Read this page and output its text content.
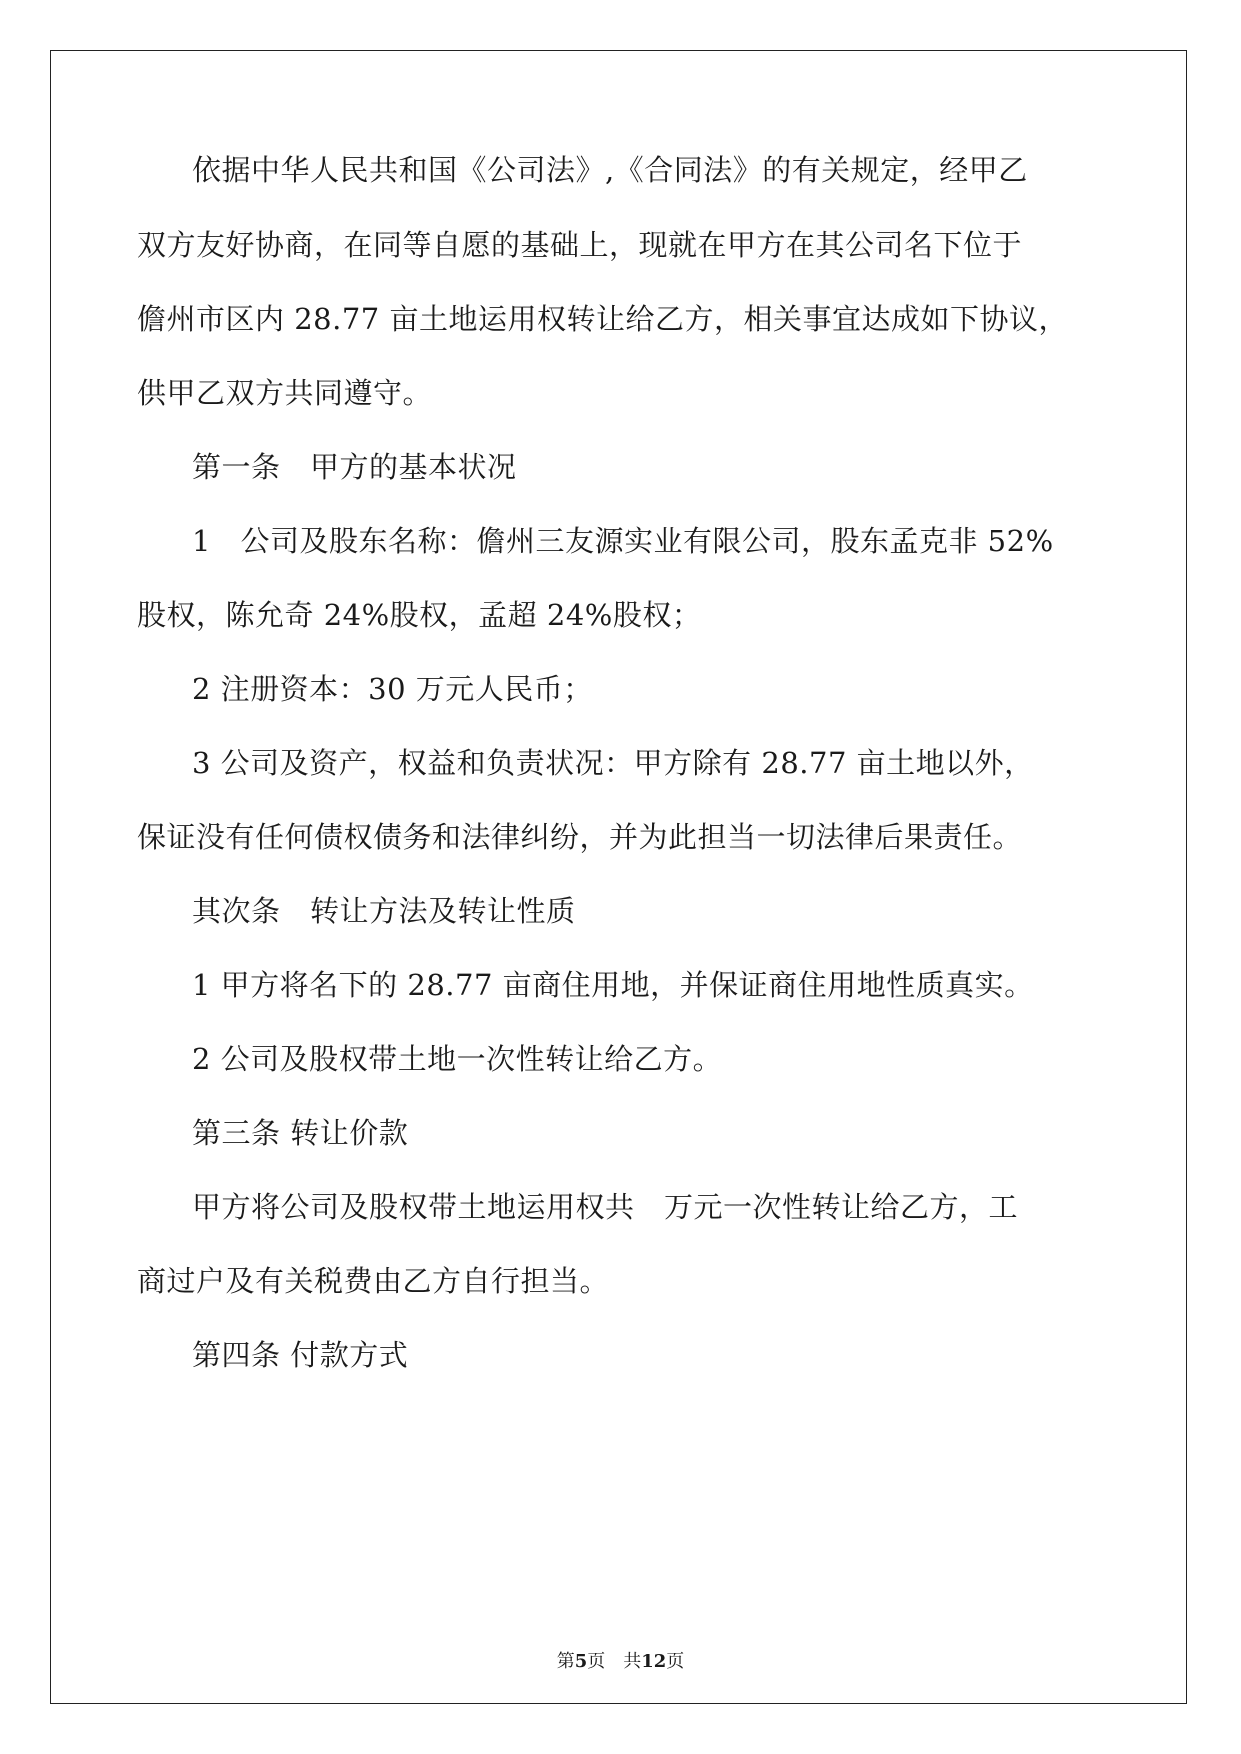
依据中华人民共和国《公司法》,《合同法》的有关规定，经甲乙
双方友好协商，在同等自愿的基础上，现就在甲方在其公司名下位于
儋州市区内 28.77 亩土地运用权转让给乙方，相关事宜达成如下协议，
供甲乙双方共同遵守。
第一条　甲方的基本状况
1　公司及股东名称：儋州三友源实业有限公司，股东孟克非 52%
股权，陈允奇 24%股权，孟超 24%股权；
2 注册资本：30 万元人民币；
3 公司及资产，权益和负责状况：甲方除有 28.77 亩土地以外，
保证没有任何债权债务和法律纠纷，并为此担当一切法律后果责任。
其次条　转让方法及转让性质
1 甲方将名下的 28.77 亩商住用地，并保证商住用地性质真实。
2 公司及股权带土地一次性转让给乙方。
第三条 转让价款
甲方将公司及股权带土地运用权共　万元一次性转让给乙方，工
商过户及有关税费由乙方自行担当。
第四条 付款方式
第5页　共12页
